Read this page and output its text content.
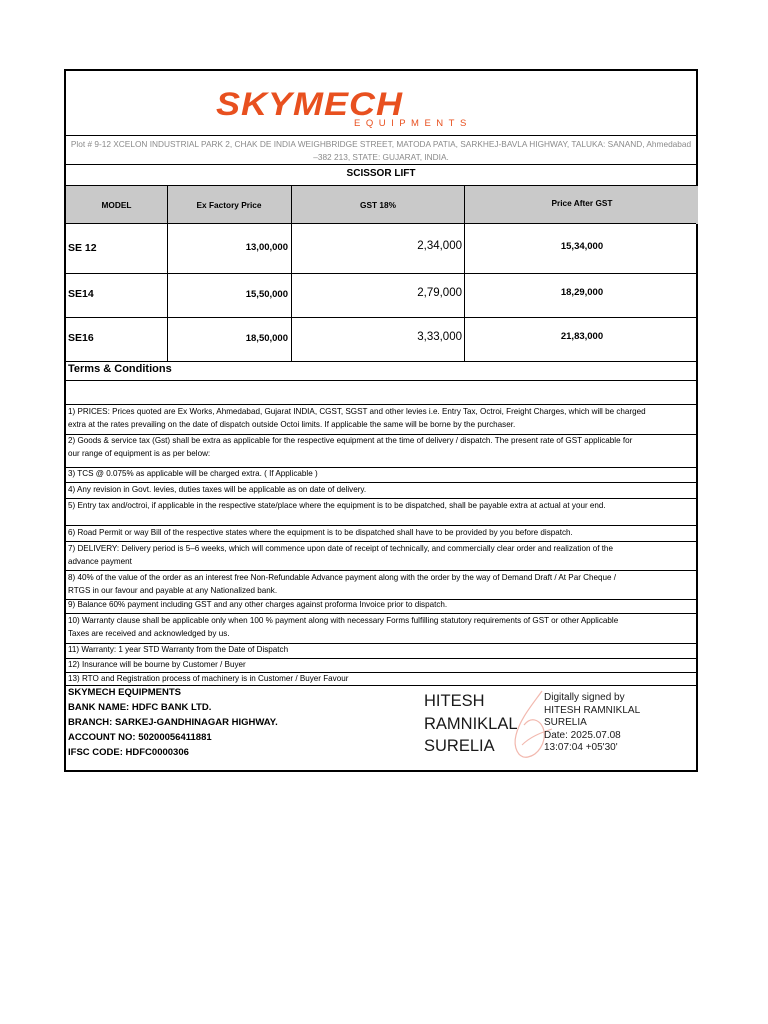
SKYMECH
EQUIPMENTS
Plot # 9-12 XCELON INDUSTRIAL PARK 2, CHAK DE INDIA WEIGHBRIDGE STREET, MATODA PATIA, SARKHEJ-BAVLA HIGHWAY, TALUKA: SANAND, Ahmedabad
–382 213, STATE: GUJARAT, INDIA.
SCISSOR LIFT
MODEL	Ex Factory Price	GST 18%	Price After GST
SE 12	13,00,000	2,34,000	15,34,000
SE14	15,50,000	2,79,000	18,29,000
SE16	18,50,000	3,33,000	21,83,000
Terms & Conditions
1) PRICES: Prices quoted are Ex Works, Ahmedabad, Gujarat INDIA, CGST, SGST and other levies i.e. Entry Tax, Octroi, Freight Charges, which will be charged
extra at the rates prevailing on the date of dispatch outside Octoi limits. If applicable the same will be borne by the purchaser.
2) Goods & service tax (Gst) shall be extra as applicable for the respective equipment at the time of delivery / dispatch. The present rate of GST applicable for
our range of equipment is as per below:
3) TCS @ 0.075% as applicable will be charged extra. ( If Applicable )
4) Any revision in Govt. levies, duties taxes will be applicable as on date of delivery.
5) Entry tax and/octroi, if applicable in the respective state/place where the equipment is to be dispatched, shall be payable extra at actual at your end.
6) Road Permit or way Bill of the respective states where the equipment is to be dispatched shall have to be provided by you before dispatch.
7) DELIVERY: Delivery period is 5–6 weeks, which will commence upon date of receipt of technically, and commercially clear order and realization of the
advance payment
8) 40% of the value of the order as an interest free Non-Refundable Advance payment along with the order by the way of Demand Draft / At Par Cheque /
RTGS in our favour and payable at any Nationalized bank.
9) Balance 60% payment including GST and any other charges against proforma Invoice prior to dispatch.
10) Warranty clause shall be applicable only when 100 % payment along with necessary Forms fulfilling statutory requirements of GST or other Applicable
Taxes are received and acknowledged by us.
11) Warranty: 1 year STD Warranty from the Date of Dispatch
12) Insurance will be bourne by Customer / Buyer
13) RTO and Registration process of machinery is in Customer / Buyer Favour
SKYMECH EQUIPMENTS
BANK NAME: HDFC BANK LTD.
BRANCH: SARKEJ-GANDHINAGAR HIGHWAY.
ACCOUNT NO: 50200056411881
IFSC CODE: HDFC0000306
HITESH
RAMNIKLAL
SURELIA
Digitally signed by
HITESH RAMNIKLAL
SURELIA
Date: 2025.07.08
13:07:04 +05'30'
